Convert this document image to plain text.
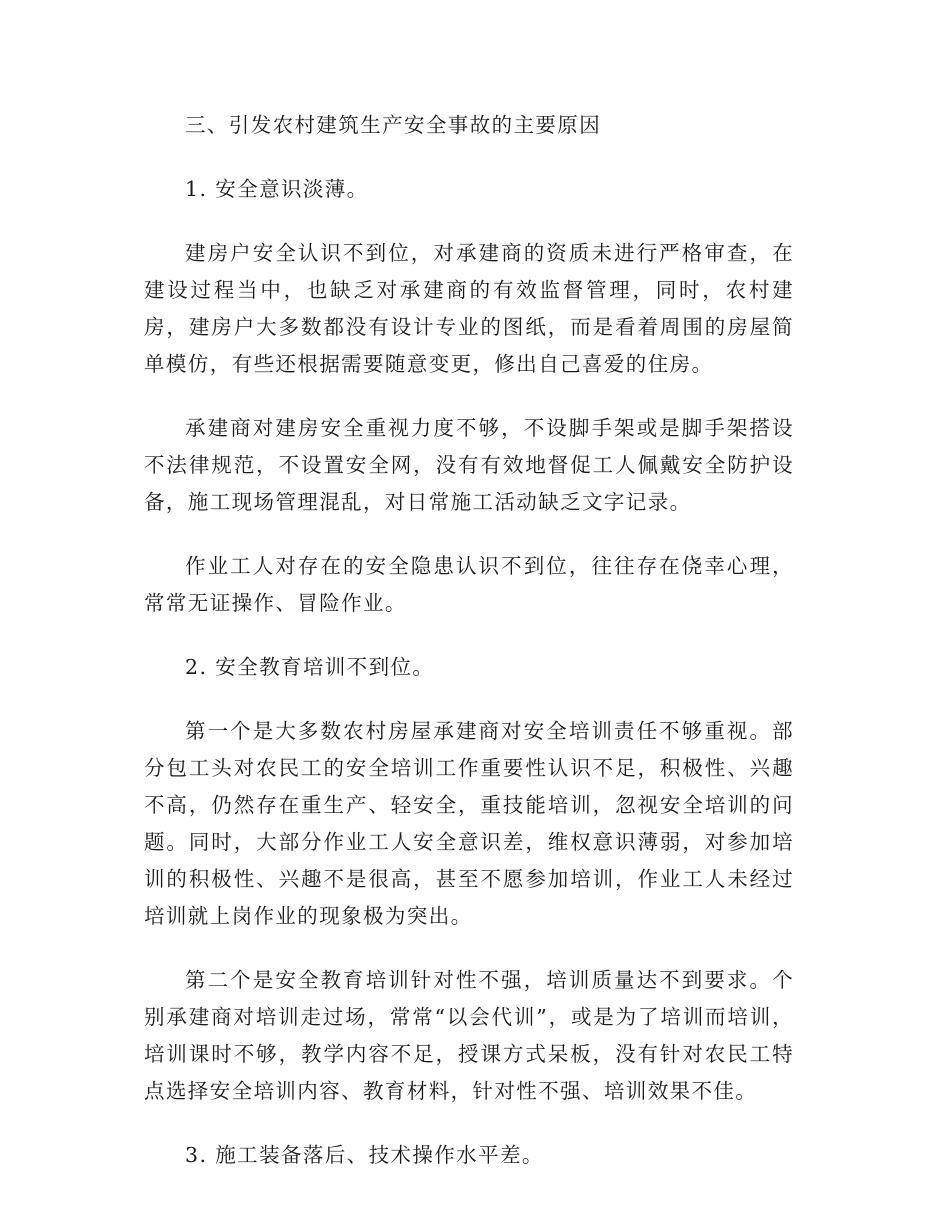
三、引发农村建筑生产安全事故的主要原因

1. 安全意识淡薄。

建房户安全认识不到位，对承建商的资质未进行严格审查，在建设过程当中，也缺乏对承建商的有效监督管理，同时，农村建房，建房户大多数都没有设计专业的图纸，而是看着周围的房屋简单模仿，有些还根据需要随意变更，修出自己喜爱的住房。

承建商对建房安全重视力度不够，不设脚手架或是脚手架搭设不法律规范，不设置安全网，没有有效地督促工人佩戴安全防护设备，施工现场管理混乱，对日常施工活动缺乏文字记录。

作业工人对存在的安全隐患认识不到位，往往存在侥幸心理，常常无证操作、冒险作业。

2. 安全教育培训不到位。

第一个是大多数农村房屋承建商对安全培训责任不够重视。部分包工头对农民工的安全培训工作重要性认识不足，积极性、兴趣不高，仍然存在重生产、轻安全，重技能培训，忽视安全培训的问题。同时，大部分作业工人安全意识差，维权意识薄弱，对参加培训的积极性、兴趣不是很高，甚至不愿参加培训，作业工人未经过培训就上岗作业的现象极为突出。

第二个是安全教育培训针对性不强，培训质量达不到要求。个别承建商对培训走过场，常常“以会代训”，或是为了培训而培训，培训课时不够，教学内容不足，授课方式呆板，没有针对农民工特点选择安全培训内容、教育材料，针对性不强、培训效果不佳。

3. 施工装备落后、技术操作水平差。
